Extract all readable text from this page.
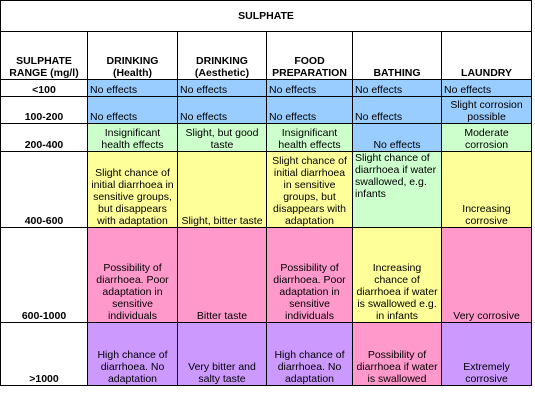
SULPHATE					
SULPHATE RANGE (mg/l)	DRINKING (Health)	DRINKING (Aesthetic)	FOOD PREPARATION	BATHING	LAUNDRY
<100	No effects	No effects	No effects	No effects	No effects
100-200	No effects	No effects	No effects	No effects	Slight corrosion possible
200-400	Insignificant health effects	Slight, but good taste	Insignificant health effects	No effects	Moderate corrosion
400-600	Slight chance of initial diarrhoea in sensitive groups, but disappears with adaptation	Slight, bitter taste	Slight chance of initial diarrhoea in sensitive groups, but disappears with adaptation	Slight chance of diarrhoea if water swallowed, e.g. infants	Increasing corrosive
600-1000	Possibility of diarrhoea. Poor adaptation in sensitive individuals	Bitter taste	Possibility of diarrhoea. Poor adaptation in sensitive individuals	Increasing chance of diarrhoea if water is swallowed e.g. in infants	Very corrosive
>1000	High chance of diarrhoea. No adaptation	Very bitter and salty taste	High chance of diarrhoea. No adaptation	Possibility of diarrhoea if water is swallowed	Extremely corrosive
